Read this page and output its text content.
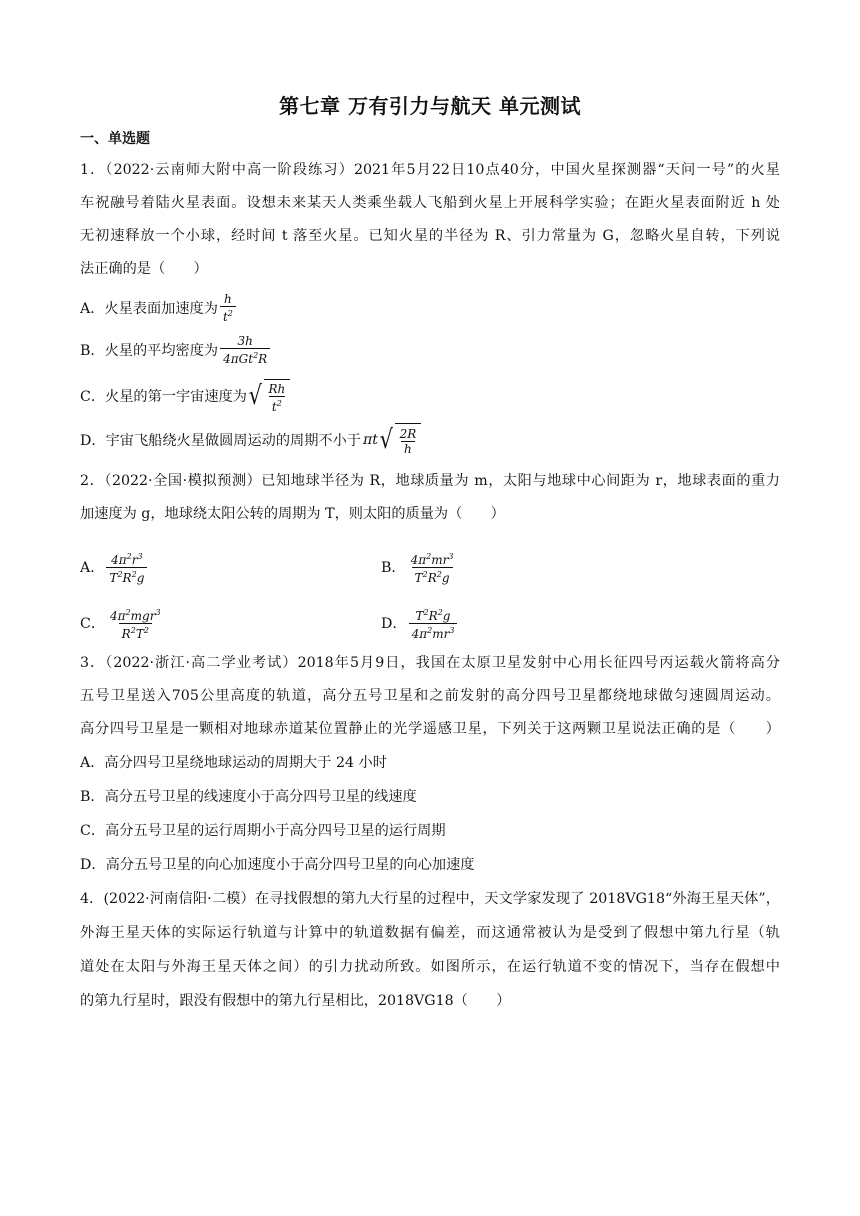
第七章 万有引力与航天 单元测试
一、单选题
1．（2022·云南师大附中高一阶段练习）2021年5月22日10点40分，中国火星探测器“天问一号”的火星
车祝融号着陆火星表面。设想未来某天人类乘坐载人飞船到火星上开展科学实验；在距火星表面附近 h 处
无初速释放一个小球，经时间 t 落至火星。已知火星的半径为 R、引力常量为 G，忽略火星自转，下列说
法正确的是（　　）
A．火星表面加速度为 $\frac{h}{t^2}$
B．火星的平均密度为 $\frac{3h}{4\pi Gt^2R}$
C．火星的第一宇宙速度为 √ $\frac{Rh}{t^2}$
D．宇宙飞船绕火星做圆周运动的周期不小于 πt √ $\frac{2R}{h}$
2．（2022·全国·模拟预测）已知地球半径为 R，地球质量为 m，太阳与地球中心间距为 r，地球表面的重力
加速度为 g，地球绕太阳公转的周期为 T，则太阳的质量为（　　）
A． $\frac{4\pi^2r^3}{T^2R^2g}$	B． $\frac{4\pi^2mr^3}{T^2R^2g}$
C． $\frac{4\pi^2mgr^3}{R^2T^2}$	D． $\frac{T^2R^2g}{4\pi^2mr^3}$
3．（2022·浙江·高二学业考试）2018年5月9日，我国在太原卫星发射中心用长征四号丙运载火箭将高分
五号卫星送入705公里高度的轨道，高分五号卫星和之前发射的高分四号卫星都绕地球做匀速圆周运动。
高分四号卫星是一颗相对地球赤道某位置静止的光学遥感卫星，下列关于这两颗卫星说法正确的是（　　）
A．高分四号卫星绕地球运动的周期大于 24 小时
B．高分五号卫星的线速度小于高分四号卫星的线速度
C．高分五号卫星的运行周期小于高分四号卫星的运行周期
D．高分五号卫星的向心加速度小于高分四号卫星的向心加速度
4．(2022·河南信阳·二模）在寻找假想的第九大行星的过程中，天文学家发现了 2018VG18“外海王星天体”，
外海王星天体的实际运行轨道与计算中的轨道数据有偏差，而这通常被认为是受到了假想中第九行星（轨
道处在太阳与外海王星天体之间）的引力扰动所致。如图所示，在运行轨道不变的情况下，当存在假想中
的第九行星时，跟没有假想中的第九行星相比，2018VG18（　　）
